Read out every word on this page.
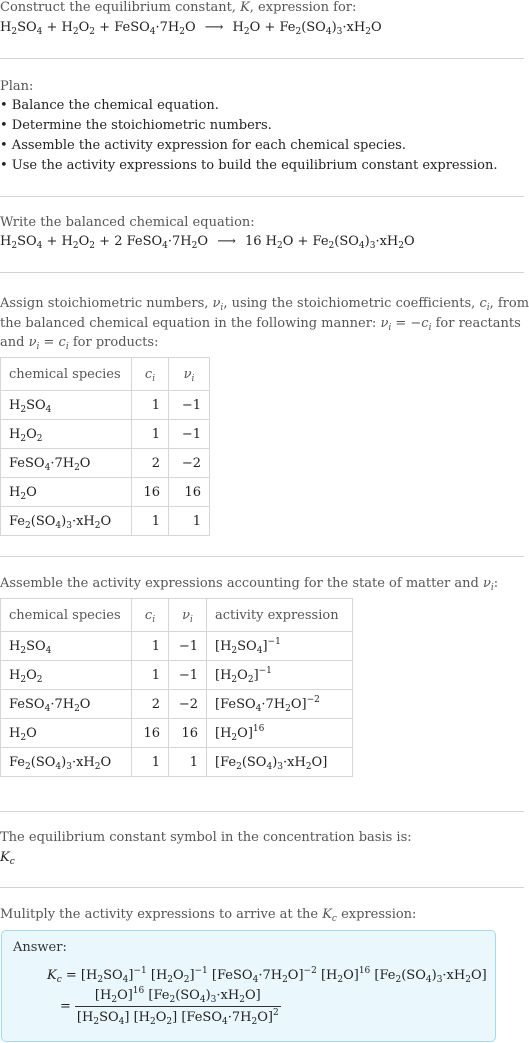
Construct the equilibrium constant, K, expression for:
$H_2SO_4 + H_2O_2$ + $FeSO_4\cdot 7H_2O$ ⟶ $H_2O + Fe_2(SO_4)_3\cdot xH_2O$
Plan:
• Balance the chemical equation.
• Determine the stoichiometric numbers.
• Assemble the activity expression for each chemical species.
• Use the activity expressions to build the equilibrium constant expression.
Write the balanced chemical equation:
$H_2SO_4 + H_2O_2 + 2$ $FeSO_4\cdot 7H_2O$ ⟶ 16 $H_2O + Fe_2(SO_4)_3\cdot xH_2O$
Assign stoichiometric numbers, $\nu_i$, using the stoichiometric coefficients, $c_i$, from
the balanced chemical equation in the following manner: $\nu_i = -c_i$ for reactants
and $\nu_i = c_i$ for products:
chemical species	$c_i$	$\nu_i$
$H_2SO_4$	1	−1
$H_2O_2$	1	−1
$FeSO_4\cdot 7H_2O$	2	−2
$H_2O$	16	16
$Fe_2(SO_4)_3\cdot xH_2O$	1	1
Assemble the activity expressions accounting for the state of matter and $\nu_i$:
chemical species	$c_i$	$\nu_i$	activity expression
$H_2SO_4$	1	−1	$[H_2SO_4]^{-1}$
$H_2O_2$	1	−1	$[H_2O_2]^{-1}$
$FeSO_4\cdot 7H_2O$	2	−2	$[FeSO_4\cdot 7H_2O]^{-2}$
$H_2O$	16	16	$[H_2O]^{16}$
$Fe_2(SO_4)_3\cdot xH_2O$	1	1	$[Fe_2(SO_4)_3\cdot xH_2O]$
The equilibrium constant symbol in the concentration basis is:
$K_c$
Mulitply the activity expressions to arrive at the $K_c$ expression:
Answer:
$K_c = [H_2SO_4]^{-1}$ $[H_2O_2]^{-1}$ $[FeSO_4\cdot 7H_2O]^{-2}$ $[H_2O]^{16}$ $[Fe_2(SO_4)_3\cdot xH_2O]$
= $\frac{[H_2O]^{16} [Fe_2(SO_4)_3\cdot xH_2O]}{[H_2SO_4] [H_2O_2] [FeSO_4\cdot 7H_2O]^2}$
